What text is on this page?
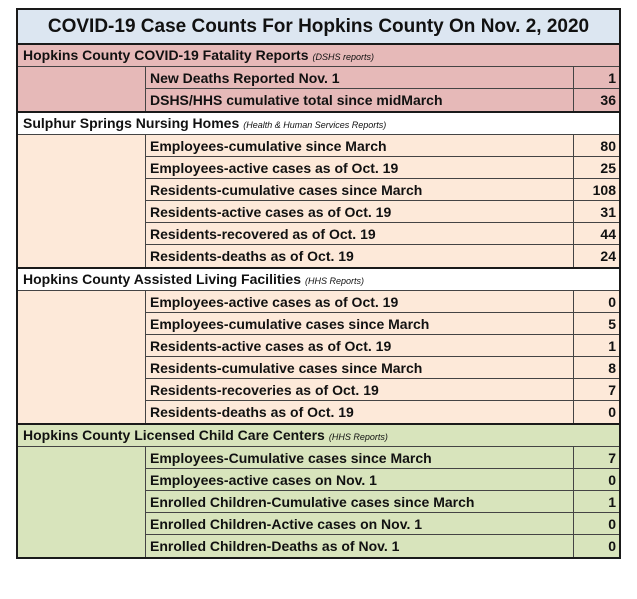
COVID-19 Case Counts For Hopkins County On Nov. 2, 2020
Hopkins County COVID-19 Fatality Reports (DSHS reports)
New Deaths Reported Nov. 1	1
DSHS/HHS cumulative total since midMarch	36
Sulphur Springs Nursing Homes (Health & Human Services Reports)
Employees-cumulative since March	80
Employees-active cases as of Oct. 19	25
Residents-cumulative cases since March	108
Residents-active cases as of Oct. 19	31
Residents-recovered as of Oct. 19	44
Residents-deaths as of Oct. 19	24
Hopkins County Assisted Living Facilities (HHS Reports)
Employees-active cases as of Oct. 19	0
Employees-cumulative cases since March	5
Residents-active cases as of Oct. 19	1
Residents-cumulative cases since March	8
Residents-recoveries as of Oct. 19	7
Residents-deaths as of Oct. 19	0
Hopkins County Licensed Child Care Centers (HHS Reports)
Employees-Cumulative cases since March	7
Employees-active cases on Nov. 1	0
Enrolled Children-Cumulative cases since March	1
Enrolled Children-Active cases on Nov. 1	0
Enrolled Children-Deaths as of Nov. 1	0
